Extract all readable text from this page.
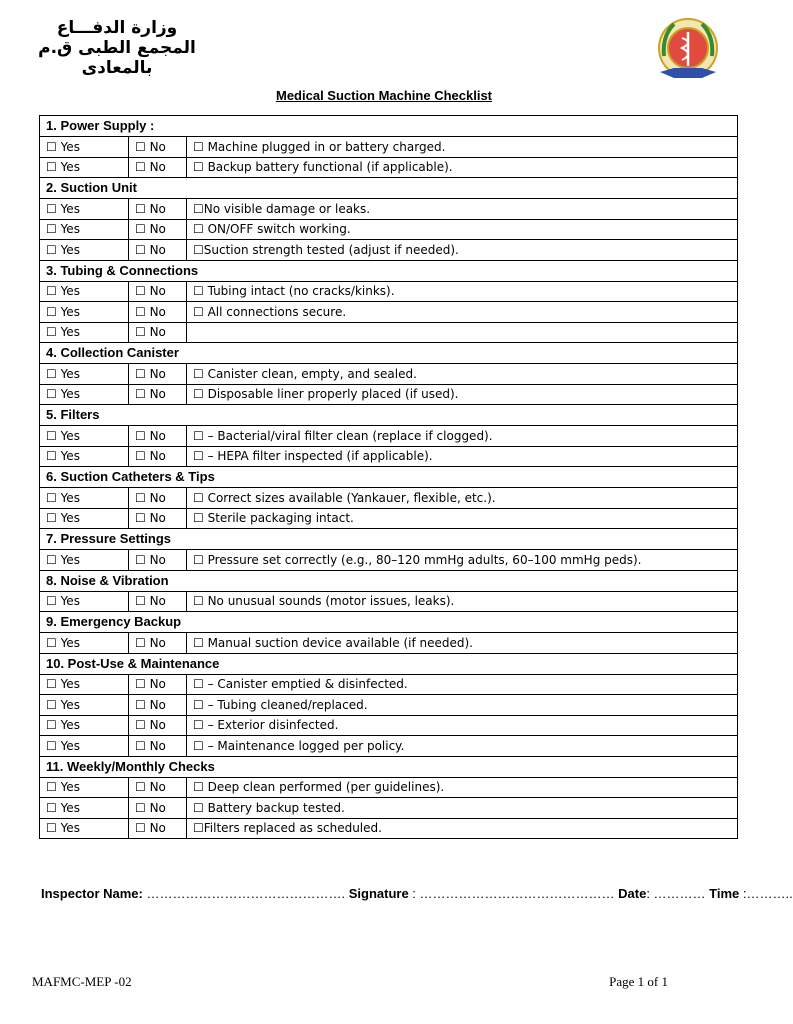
وزارة الدفـــاع
المجمع الطبى ق.م
بالمعادى
Medical Suction Machine Checklist
1. Power Supply :		
☐ Yes	☐ No	☐ Machine plugged in or battery charged.
☐ Yes	☐ No	☐ Backup battery functional (if applicable).
2. Suction Unit		
☐ Yes	☐ No	☐No visible damage or leaks.
☐ Yes	☐ No	☐ ON/OFF switch working.
☐ Yes	☐ No	☐Suction strength tested (adjust if needed).
3. Tubing & Connections		
☐ Yes	☐ No	☐ Tubing intact (no cracks/kinks).
☐ Yes	☐ No	☐ All connections secure.
☐ Yes	☐ No	
4. Collection Canister		
☐ Yes	☐ No	☐ Canister clean, empty, and sealed.
☐ Yes	☐ No	☐ Disposable liner properly placed (if used).
5. Filters		
☐ Yes	☐ No	☐ – Bacterial/viral filter clean (replace if clogged).
☐ Yes	☐ No	☐ – HEPA filter inspected (if applicable).
6. Suction Catheters & Tips		
☐ Yes	☐ No	☐ Correct sizes available (Yankauer, flexible, etc.).
☐ Yes	☐ No	☐ Sterile packaging intact.
7. Pressure Settings		
☐ Yes	☐ No	☐ Pressure set correctly (e.g., 80–120 mmHg adults, 60–100 mmHg peds).
8. Noise & Vibration		
☐ Yes	☐ No	☐ No unusual sounds (motor issues, leaks).
9. Emergency Backup		
☐ Yes	☐ No	☐ Manual suction device available (if needed).
10. Post-Use & Maintenance		
☐ Yes	☐ No	☐ – Canister emptied & disinfected.
☐ Yes	☐ No	☐ – Tubing cleaned/replaced.
☐ Yes	☐ No	☐ – Exterior disinfected.
☐ Yes	☐ No	☐ – Maintenance logged per policy.
11. Weekly/Monthly Checks		
☐ Yes	☐ No	☐ Deep clean performed (per guidelines).
☐ Yes	☐ No	☐ Battery backup tested.
☐ Yes	☐ No	☐Filters replaced as scheduled.
Inspector Name: ………………………………………. Signature : ……………………………………… Date: ………… Time :………..
MAFMC-MEP -02	Page 1 of 1
